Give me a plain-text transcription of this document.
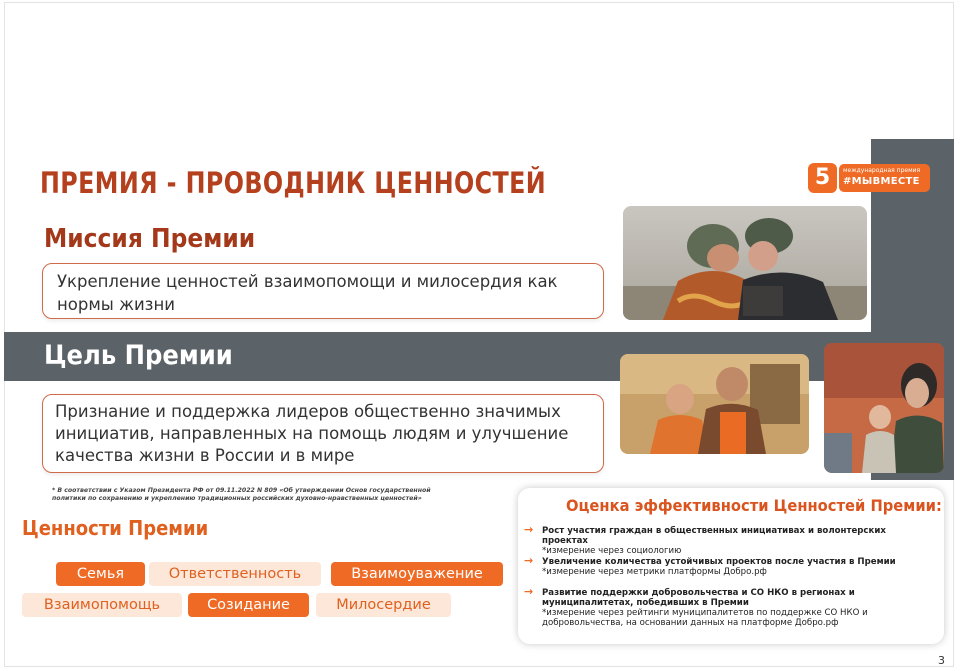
ПРЕМИЯ - ПРОВОДНИК ЦЕННОСТЕЙ	5	международная премия
#МЫВМЕСТЕ
Миссия Премии
Укрепление ценностей взаимопомощи и милосердия как нормы жизни
Цель Премии
Признание и поддержка лидеров общественно значимых инициатив, направленных на помощь людям и улучшение качества жизни в России и в мире
* В соответствии с Указом Президента РФ от 09.11.2022 N 809 «Об утверждении Основ государственной политики по сохранению и укреплению традиционных российских духовно-нравственных ценностей»
Ценности Премии
Семья	Ответственность	Взаимоуважение
Взаимопомощь	Созидание	Милосердие
Оценка эффективности Ценностей Премии:
→ Рост участия граждан в общественных инициативах и волонтерских проектах
*измерение через социологию
→ Увеличение количества устойчивых проектов после участия в Премии
*измерение через метрики платформы Добро.рф
→ Развитие поддержки добровольчества и СО НКО в регионах и муниципалитетах, победивших в Премии
*измерение через рейтинги муниципалитетов по поддержке СО НКО и добровольчества, на основании данных на платформе Добро.рф
3
